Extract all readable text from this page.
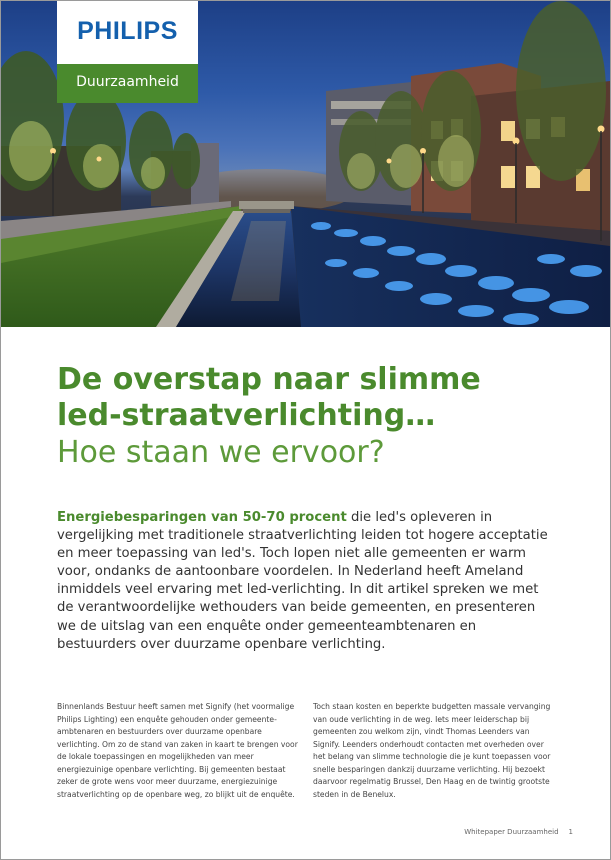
PHILIPS
Duurzaamheid
De overstap naar slimme
led-straatverlichting…
Hoe staan we ervoor?
Energiebesparingen van 50-70 procent die led's opleveren in vergelijking met traditionele straatverlichting leiden tot hogere acceptatie en meer toepassing van led's. Toch lopen niet alle gemeenten er warm voor, ondanks de aantoonbare voordelen. In Nederland heeft Ameland inmiddels veel ervaring met led-verlichting. In dit artikel spreken we met de verantwoordelijke wethouders van beide gemeenten, en presenteren we de uitslag van een enquête onder gemeenteambtenaren en bestuurders over duurzame openbare verlichting.

Binnenlands Bestuur heeft samen met Signify (het voormalige Philips Lighting) een enquête gehouden onder gemeente-ambtenaren en bestuurders over duurzame openbare verlichting. Om zo de stand van zaken in kaart te brengen voor de lokale toepassingen en mogelijkheden van meer energiezuinige openbare verlichting. Bij gemeenten bestaat zeker de grote wens voor meer duurzame, energiezuinige straatverlichting op de openbare weg, zo blijkt uit de enquête.

Toch staan kosten en beperkte budgetten massale vervanging van oude verlichting in de weg. Iets meer leiderschap bij gemeenten zou welkom zijn, vindt Thomas Leenders van Signify. Leenders onderhoudt contacten met overheden over het belang van slimme technologie die je kunt toepassen voor snelle besparingen dankzij duurzame verlichting. Hij bezoekt daarvoor regelmatig Brussel, Den Haag en de twintig grootste steden in de Benelux.

Whitepaper Duurzaamheid 1
